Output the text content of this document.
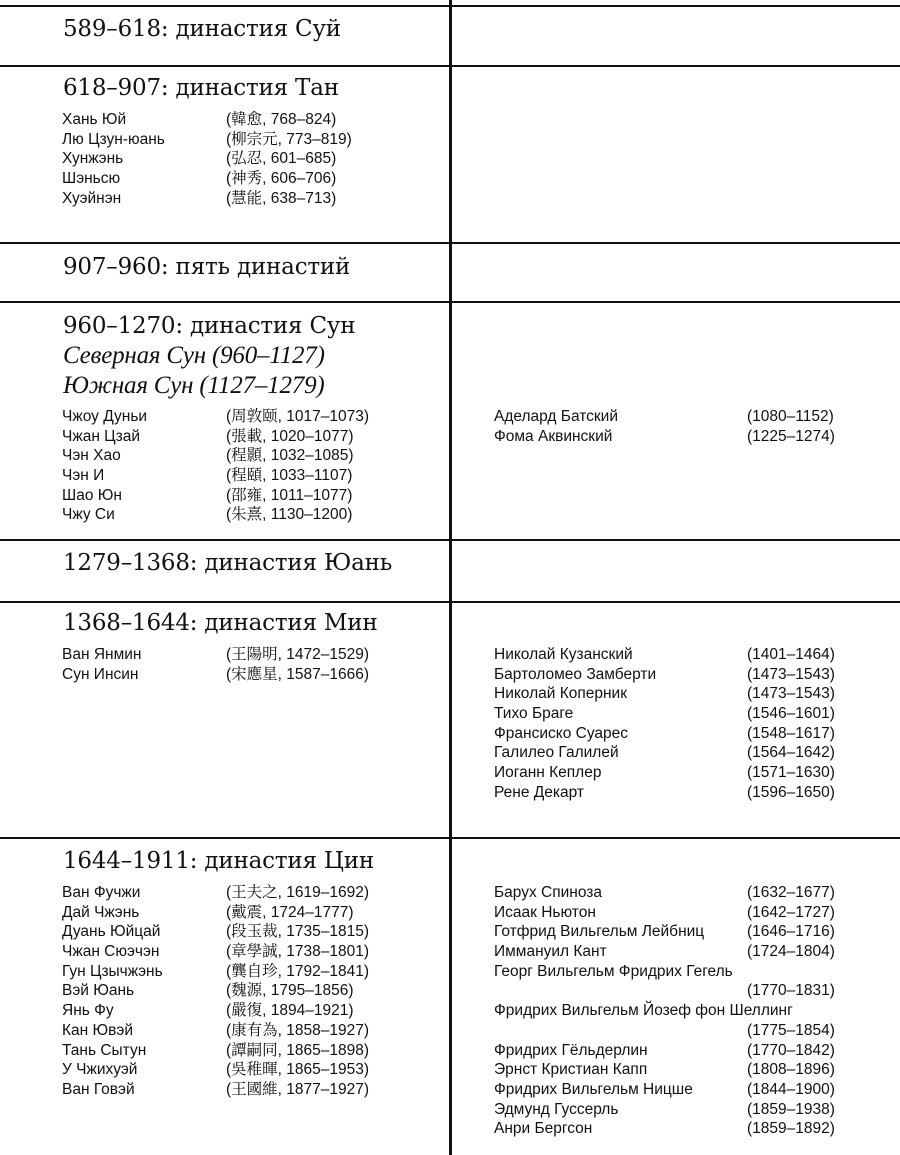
589–618: династия Суй
618–907: династия Тан
Хань Юй	(韓愈, 768–824)
Лю Цзун-юань	(柳宗元, 773–819)
Хунжэнь	(弘忍, 601–685)
Шэньсю	(神秀, 606–706)
Хуэйнэн	(慧能, 638–713)
907–960: пять династий
960–1270: династия Сун
Северная Сун (960–1127)
Южная Сун (1127–1279)
Чжоу Дуньи	(周敦颐, 1017–1073)
Чжан Цзай	(張載, 1020–1077)
Чэн Хао	(程顥, 1032–1085)
Чэн И	(程頤, 1033–1107)
Шао Юн	(邵雍, 1011–1077)
Чжу Си	(朱熹, 1130–1200)
Аделард Батский	(1080–1152)
Фома Аквинский	(1225–1274)
1279–1368: династия Юань
1368–1644: династия Мин
Ван Янмин	(王陽明, 1472–1529)
Сун Инсин	(宋應星, 1587–1666)
Николай Кузанский	(1401–1464)
Бартоломео Замберти	(1473–1543)
Николай Коперник	(1473–1543)
Тихо Браге	(1546–1601)
Франсиско Суарес	(1548–1617)
Галилео Галилей	(1564–1642)
Иоганн Кеплер	(1571–1630)
Рене Декарт	(1596–1650)
1644–1911: династия Цин
Ван Фучжи	(王夫之, 1619–1692)
Дай Чжэнь	(戴震, 1724–1777)
Дуань Юйцай	(段玉裁, 1735–1815)
Чжан Сюэчэн	(章學誠, 1738–1801)
Гун Цзычжэнь	(龔自珍, 1792–1841)
Вэй Юань	(魏源, 1795–1856)
Янь Фу	(嚴復, 1894–1921)
Кан Ювэй	(康有為, 1858–1927)
Тань Сытун	(譚嗣同, 1865–1898)
У Чжихуэй	(吳稚暉, 1865–1953)
Ван Говэй	(王國維, 1877–1927)
Барух Спиноза	(1632–1677)
Исаак Ньютон	(1642–1727)
Готфрид Вильгельм Лейбниц	(1646–1716)
Иммануил Кант	(1724–1804)
Георг Вильгельм Фридрих Гегель
(1770–1831)
Фридрих Вильгельм Йозеф фон Шеллинг
(1775–1854)
Фридрих Гёльдерлин	(1770–1842)
Эрнст Кристиан Капп	(1808–1896)
Фридрих Вильгельм Ницше	(1844–1900)
Эдмунд Гуссерль	(1859–1938)
Анри Бергсон	(1859–1892)
